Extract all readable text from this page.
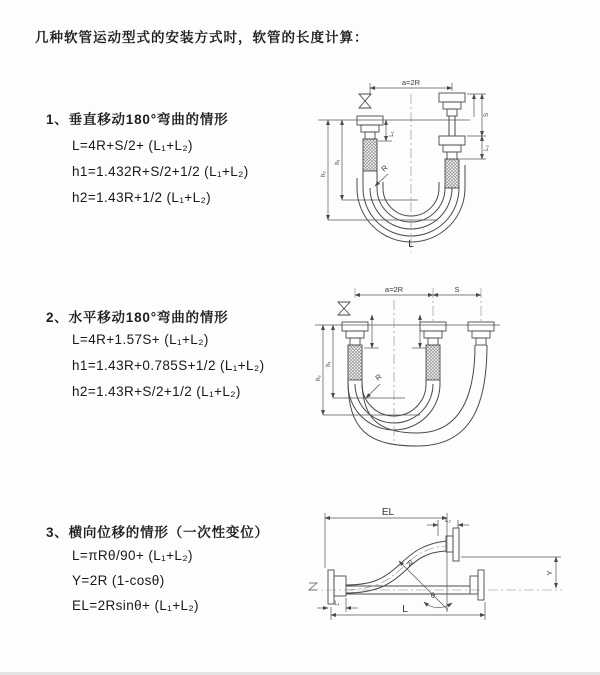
几种软管运动型式的安装方式时，软管的长度计算：
1、垂直移动180°弯曲的情形
L=4R+S/2+ (L₁+L₂)
h1=1.432R+S/2+1/2 (L₁+L₂)
h2=1.43R+1/2 (L₁+L₂)
2、水平移动180°弯曲的情形
L=4R+1.57S+ (L₁+L₂)
h1=1.43R+0.785S+1/2 (L₁+L₂)
h2=1.43R+S/2+1/2 (L₁+L₂)
3、横向位移的情形（一次性变位）
L=πRθ/90+ (L₁+L₂)
Y=2R (1-cosθ)
EL=2Rsinθ+ (L₁+L₂)
a=2R
L₁
S
L₂
h₁
h₂
R
L
a=2R	S
h₁
h₂	R
EL
L₂
R
θ
Y
L
L₁
